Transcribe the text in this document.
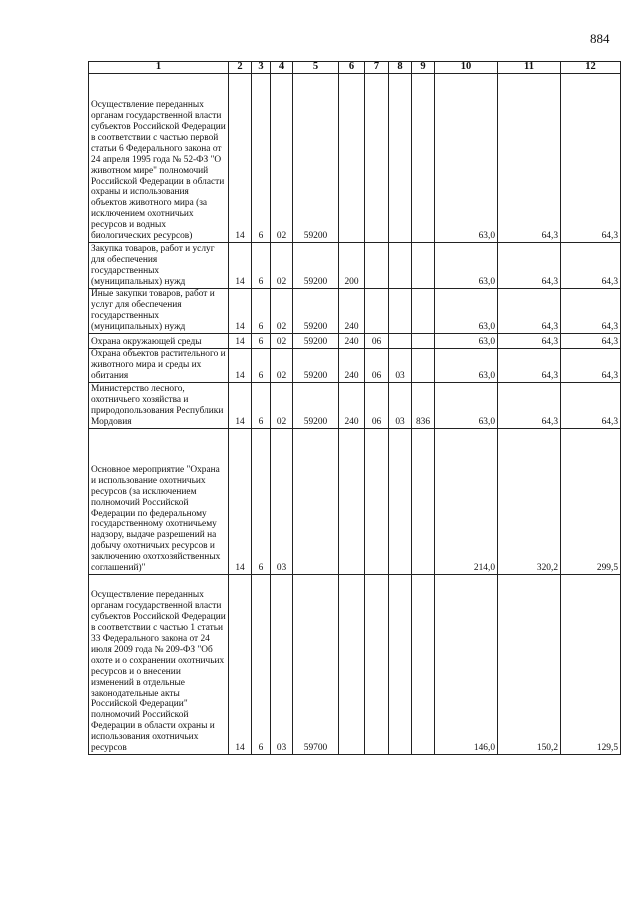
884
1	2	3	4	5	6	7	8	9	10	11	12

Осуществление переданных органам государственной власти субъектов Российской Федерации в соответствии с частью первой статьи 6 Федерального закона от 24 апреля 1995 года № 52-ФЗ "О животном мире" полномочий Российской Федерации в области охраны и использования объектов животного мира (за исключением охотничьих ресурсов и водных биологических ресурсов)	14	6	02	59200					63,0	64,3	64,3

Закупка товаров, работ и услуг для обеспечения государственных (муниципальных) нужд	14	6	02	59200	200				63,0	64,3	64,3

Иные закупки товаров, работ и услуг для обеспечения государственных (муниципальных) нужд	14	6	02	59200	240				63,0	64,3	64,3

Охрана окружающей среды	14	6	02	59200	240	06			63,0	64,3	64,3

Охрана объектов растительного и животного мира и среды их обитания	14	6	02	59200	240	06	03		63,0	64,3	64,3

Министерство лесного, охотничьего хозяйства и природопользования Республики Мордовия	14	6	02	59200	240	06	03	836	63,0	64,3	64,3

Основное мероприятие "Охрана и использование охотничьих ресурсов (за исключением полномочий Российской Федерации по федеральному государственному охотничьему надзору, выдаче разрешений на добычу охотничьих ресурсов и заключению охотхозяйственных соглашений)"	14	6	03						214,0	320,2	299,5

Осуществление переданных органам государственной власти субъектов Российской Федерации в соответствии с частью 1 статьи 33 Федерального закона от 24 июля 2009 года № 209-ФЗ "Об охоте и о сохранении охотничьих ресурсов и о внесении изменений в отдельные законодательные акты Российской Федерации" полномочий Российской Федерации в области охраны и использования охотничьих ресурсов	14	6	03	59700					146,0	150,2	129,5
